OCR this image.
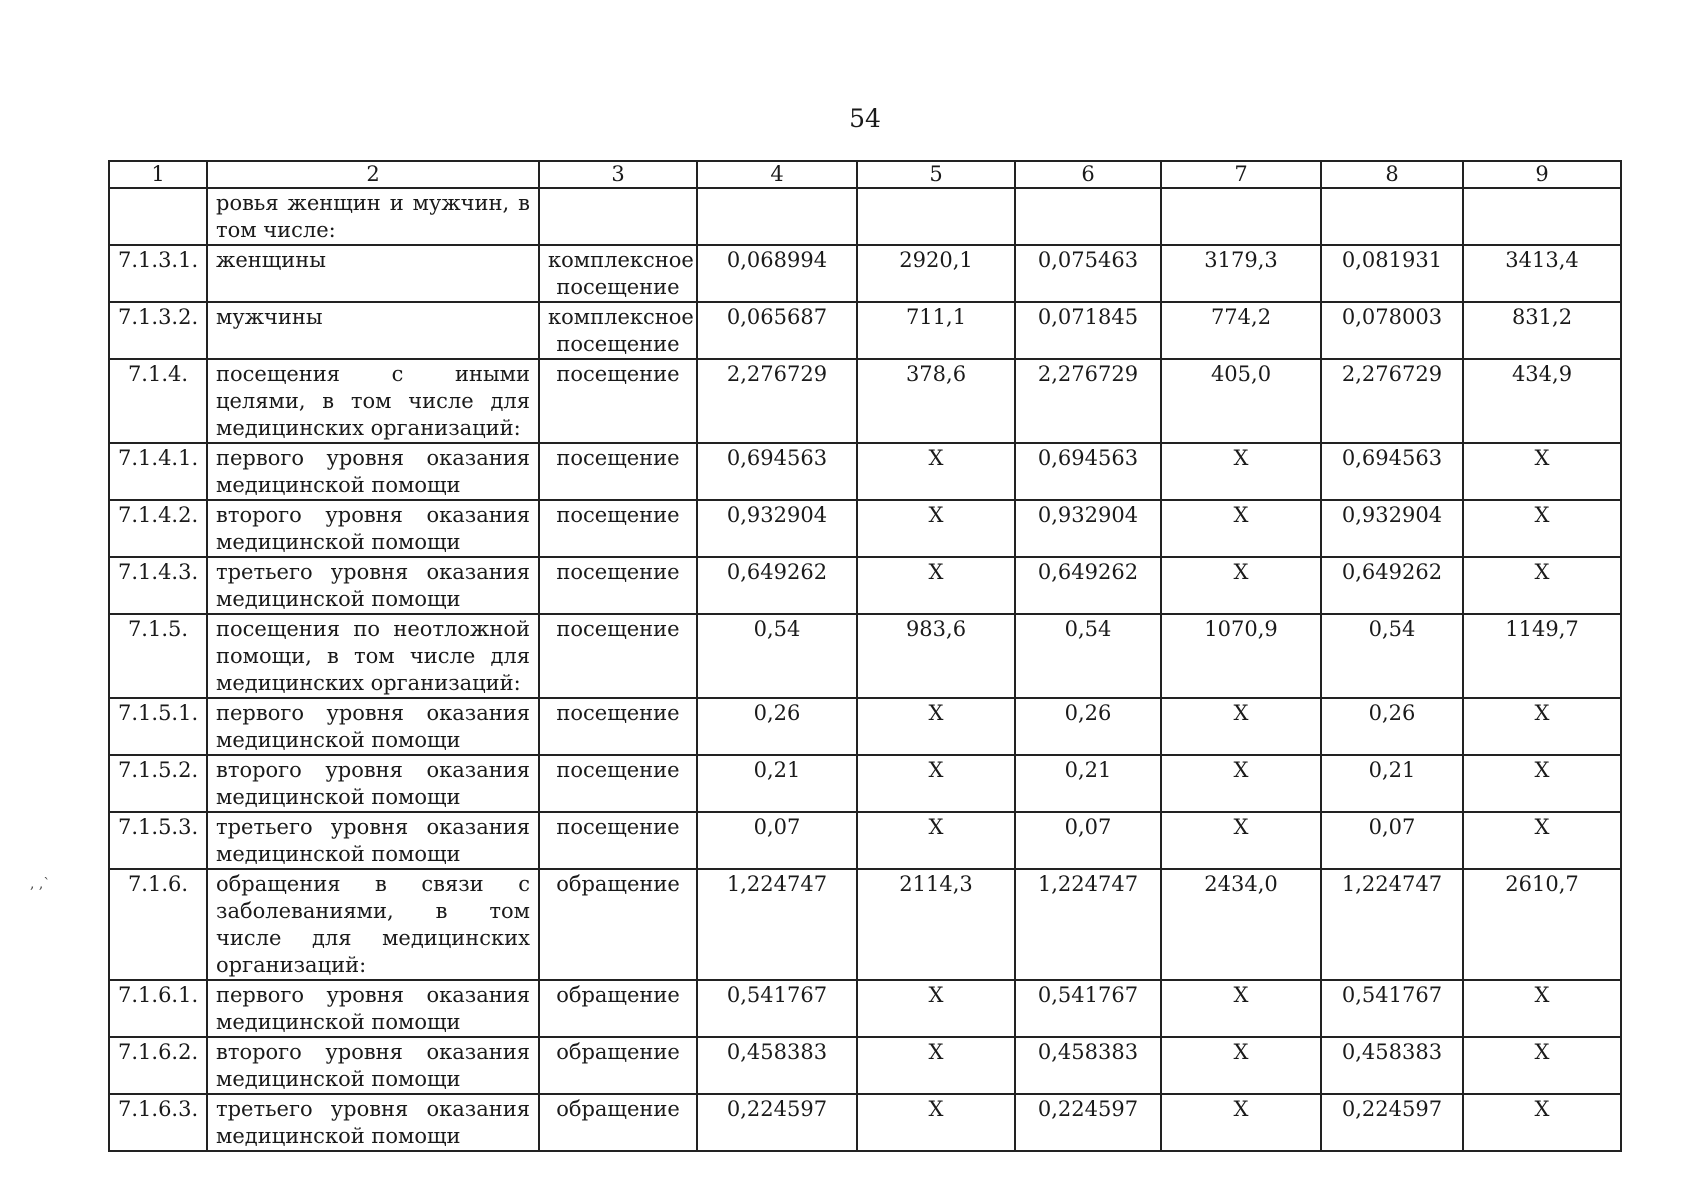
54
, ,`
1	2	3	4	5	6	7	8	9
	ровья женщин и мужчин, в том числе:							
7.1.3.1.	женщины	комплексное посещение	0,068994	2920,1	0,075463	3179,3	0,081931	3413,4
7.1.3.2.	мужчины	комплексное посещение	0,065687	711,1	0,071845	774,2	0,078003	831,2
7.1.4.	посещения с иными целями, в том числе для медицинских организаций:	посещение	2,276729	378,6	2,276729	405,0	2,276729	434,9
7.1.4.1.	первого уровня оказания медицинской помощи	посещение	0,694563	X	0,694563	X	0,694563	X
7.1.4.2.	второго уровня оказания медицинской помощи	посещение	0,932904	X	0,932904	X	0,932904	X
7.1.4.3.	третьего уровня оказания медицинской помощи	посещение	0,649262	X	0,649262	X	0,649262	X
7.1.5.	посещения по неотложной помощи, в том числе для медицинских организаций:	посещение	0,54	983,6	0,54	1070,9	0,54	1149,7
7.1.5.1.	первого уровня оказания медицинской помощи	посещение	0,26	X	0,26	X	0,26	X
7.1.5.2.	второго уровня оказания медицинской помощи	посещение	0,21	X	0,21	X	0,21	X
7.1.5.3.	третьего уровня оказания медицинской помощи	посещение	0,07	X	0,07	X	0,07	X
7.1.6.	обращения в связи с заболеваниями, в том числе для медицинских организаций:	обращение	1,224747	2114,3	1,224747	2434,0	1,224747	2610,7
7.1.6.1.	первого уровня оказания медицинской помощи	обращение	0,541767	X	0,541767	X	0,541767	X
7.1.6.2.	второго уровня оказания медицинской помощи	обращение	0,458383	X	0,458383	X	0,458383	X
7.1.6.3.	третьего уровня оказания медицинской помощи	обращение	0,224597	X	0,224597	X	0,224597	X
